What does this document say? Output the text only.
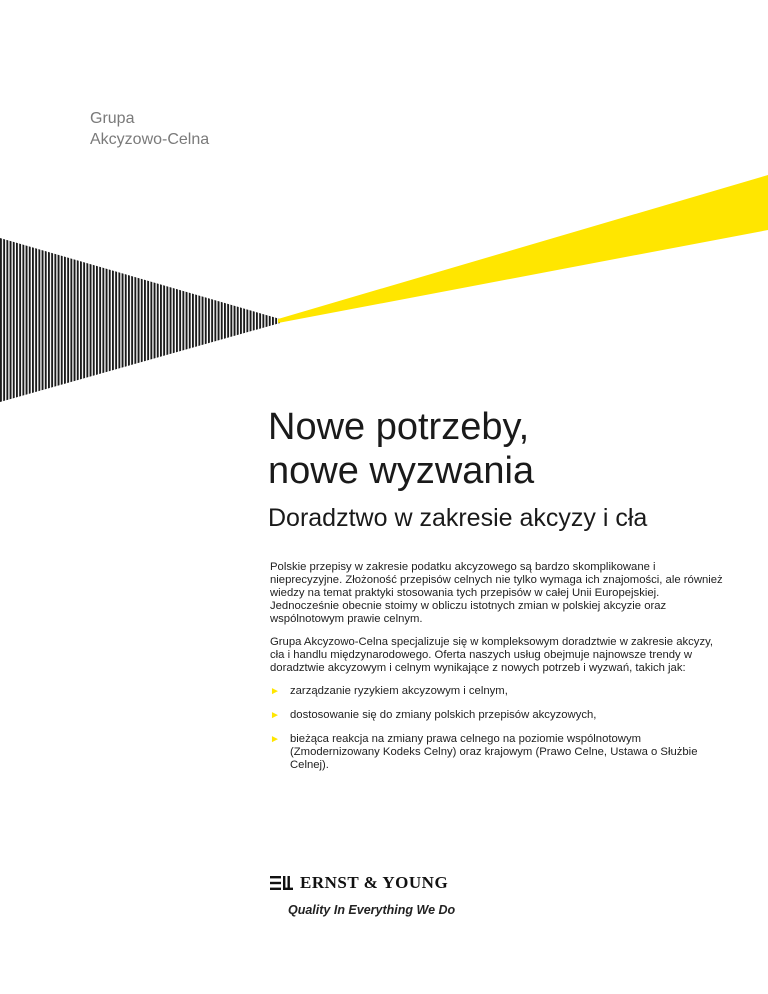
Grupa
Akcyzowo-Celna
Nowe potrzeby,
nowe wyzwania
Doradztwo w zakresie akcyzy i cła

Polskie przepisy w zakresie podatku akcyzowego są bardzo skomplikowane i nieprecyzyjne. Złożoność przepisów celnych nie tylko wymaga ich znajomości, ale również wiedzy na temat praktyki stosowania tych przepisów w całej Unii Europejskiej. Jednocześnie obecnie stoimy w obliczu istotnych zmian w polskiej akcyzie oraz wspólnotowym prawie celnym.

Grupa Akcyzowo-Celna specjalizuje się w kompleksowym doradztwie w zakresie akcyzy, cła i handlu międzynarodowego. Oferta naszych usług obejmuje najnowsze trendy w doradztwie akcyzowym i celnym wynikające z nowych potrzeb i wyzwań, takich jak:

► zarządzanie ryzykiem akcyzowym i celnym,
► dostosowanie się do zmiany polskich przepisów akcyzowych,
► bieżąca reakcja na zmiany prawa celnego na poziomie wspólnotowym (Zmodernizowany Kodeks Celny) oraz krajowym (Prawo Celne, Ustawa o Służbie Celnej).
ERNST & YOUNG
Quality In Everything We Do
